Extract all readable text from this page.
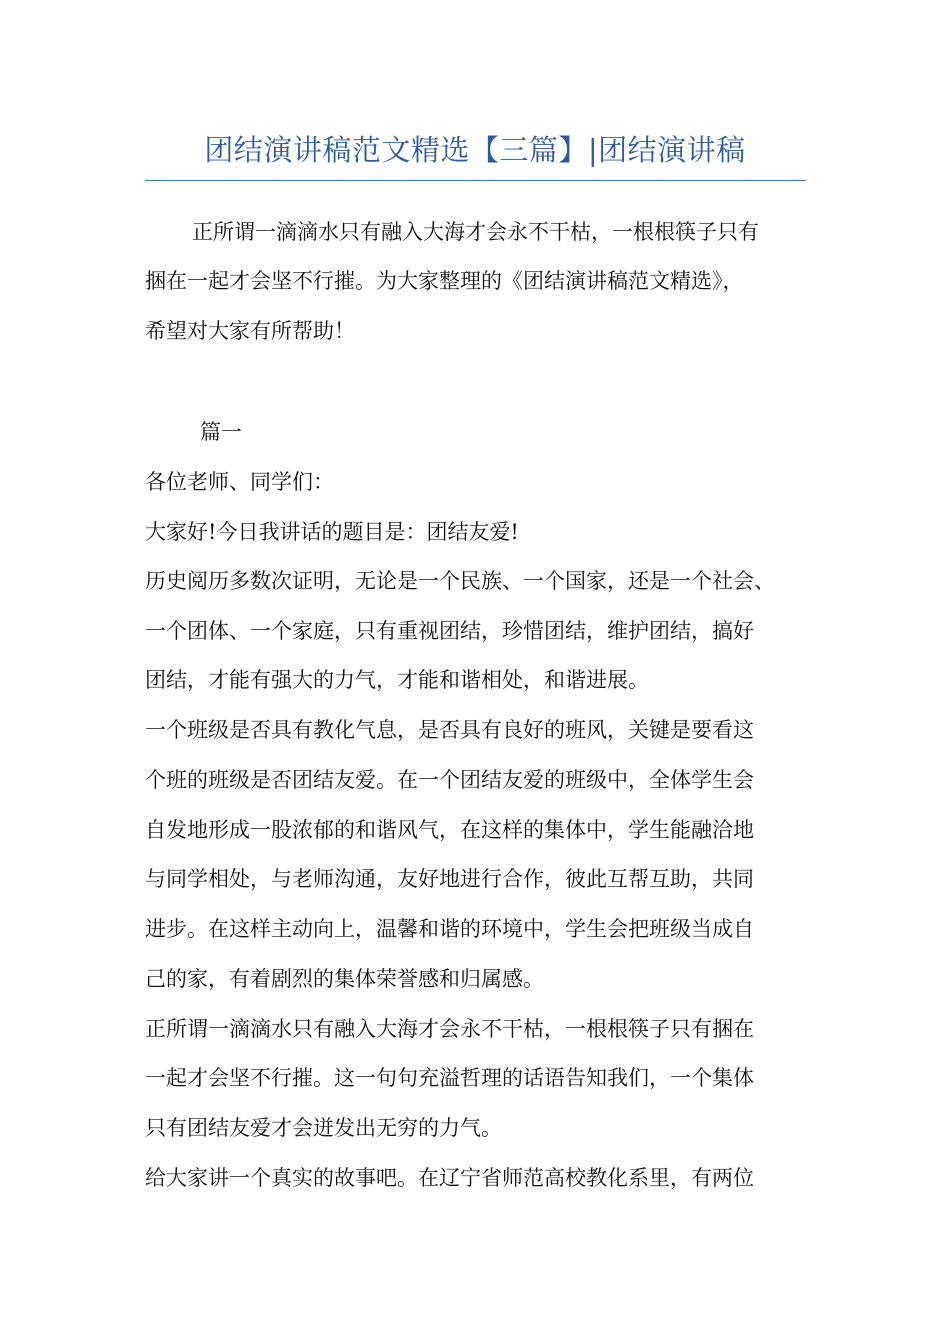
团结演讲稿范文精选【三篇】|团结演讲稿
正所谓一滴滴水只有融入大海才会永不干枯，一根根筷子只有
捆在一起才会坚不行摧。为大家整理的《团结演讲稿范文精选》，
希望对大家有所帮助！
篇一
各位老师、同学们：
大家好!今日我讲话的题目是：团结友爱!
历史阅历多数次证明，无论是一个民族、一个国家，还是一个社会、
一个团体、一个家庭，只有重视团结，珍惜团结，维护团结，搞好
团结，才能有强大的力气，才能和谐相处，和谐进展。
一个班级是否具有教化气息，是否具有良好的班风，关键是要看这
个班的班级是否团结友爱。在一个团结友爱的班级中，全体学生会
自发地形成一股浓郁的和谐风气，在这样的集体中，学生能融洽地
与同学相处，与老师沟通，友好地进行合作，彼此互帮互助，共同
进步。在这样主动向上，温馨和谐的环境中，学生会把班级当成自
己的家，有着剧烈的集体荣誉感和归属感。
正所谓一滴滴水只有融入大海才会永不干枯，一根根筷子只有捆在
一起才会坚不行摧。这一句句充溢哲理的话语告知我们，一个集体
只有团结友爱才会迸发出无穷的力气。
给大家讲一个真实的故事吧。在辽宁省师范高校教化系里，有两位
